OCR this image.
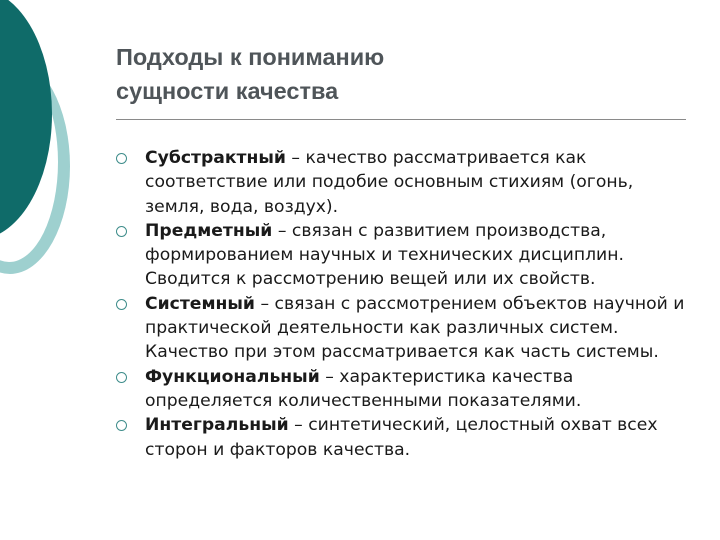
Подходы к пониманию
сущности качества
Субстрактный – качество рассматривается как соответствие или подобие основным стихиям (огонь, земля, вода, воздух).
Предметный – связан с развитием производства, формированием научных и технических дисциплин. Сводится к рассмотрению вещей или их свойств.
Системный – связан с рассмотрением объектов научной и практической деятельности как различных систем. Качество при этом рассматривается как часть системы.
Функциональный – характеристика качества определяется количественными показателями.
Интегральный – синтетический, целостный охват всех сторон и факторов качества.
